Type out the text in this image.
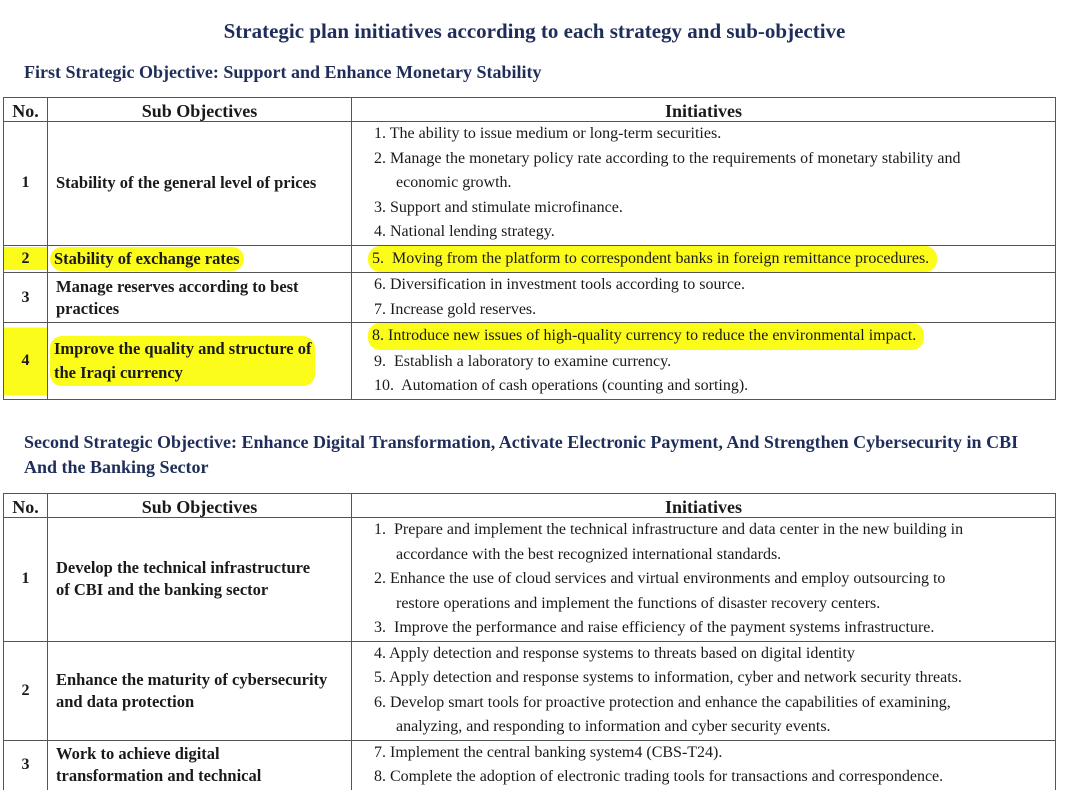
Strategic plan initiatives according to each strategy and sub-objective
First Strategic Objective: Support and Enhance Monetary Stability
No.	Sub Objectives	Initiatives
1	Stability of the general level of prices	1. The ability to issue medium or long-term securities.
2. Manage the monetary policy rate according to the requirements of monetary stability and
economic growth.
3. Support and stimulate microfinance.
4. National lending strategy.

2	Stability of exchange rates	5. Moving from the platform to correspondent banks in foreign remittance procedures.

3	Manage reserves according to best
practices	6. Diversification in investment tools according to source.
7. Increase gold reserves.

4	Improve the quality and structure of
the Iraqi currency	8. Introduce new issues of high-quality currency to reduce the environmental impact.
9. Establish a laboratory to examine currency.
10. Automation of cash operations (counting and sorting).
Second Strategic Objective: Enhance Digital Transformation, Activate Electronic Payment, And Strengthen Cybersecurity in CBI And the Banking Sector
No.	Sub Objectives	Initiatives
1	Develop the technical infrastructure
of CBI and the banking sector	1. Prepare and implement the technical infrastructure and data center in the new building in
accordance with the best recognized international standards.
2. Enhance the use of cloud services and virtual environments and employ outsourcing to
restore operations and implement the functions of disaster recovery centers.
3. Improve the performance and raise efficiency of the payment systems infrastructure.

2	Enhance the maturity of cybersecurity
and data protection	4. Apply detection and response systems to threats based on digital identity
5. Apply detection and response systems to information, cyber and network security threats.
6. Develop smart tools for proactive protection and enhance the capabilities of examining,
analyzing, and responding to information and cyber security events.

3	Work to achieve digital
transformation and technical	7. Implement the central banking system4 (CBS-T24).
8. Complete the adoption of electronic trading tools for transactions and correspondence.
